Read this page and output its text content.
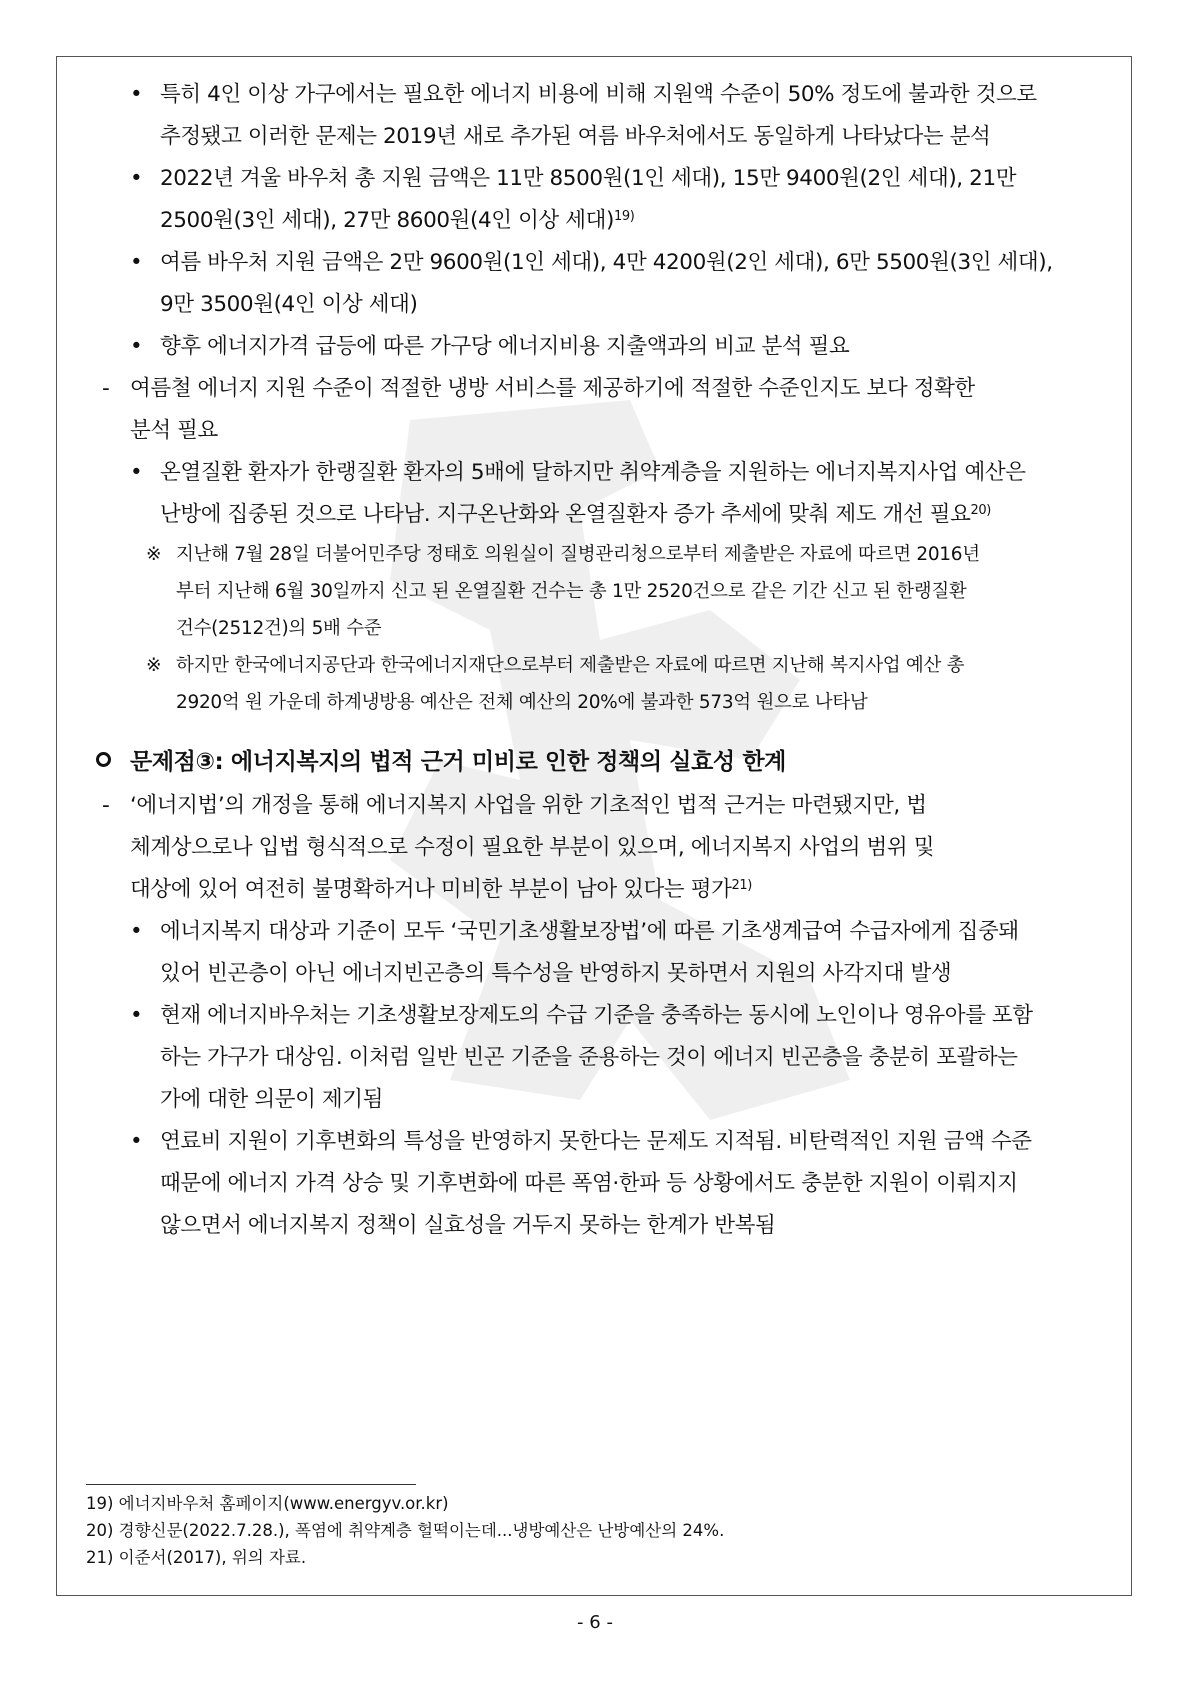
• 특히 4인 이상 가구에서는 필요한 에너지 비용에 비해 지원액 수준이 50% 정도에 불과한 것으로
추정됐고 이러한 문제는 2019년 새로 추가된 여름 바우처에서도 동일하게 나타났다는 분석
• 2022년 겨울 바우처 총 지원 금액은 11만 8500원(1인 세대), 15만 9400원(2인 세대), 21만
2500원(3인 세대), 27만 8600원(4인 이상 세대)$^{19)}$
• 여름 바우처 지원 금액은 2만 9600원(1인 세대), 4만 4200원(2인 세대), 6만 5500원(3인 세대),
9만 3500원(4인 이상 세대)
• 향후 에너지가격 급등에 따른 가구당 에너지비용 지출액과의 비교 분석 필요
- 여름철 에너지 지원 수준이 적절한 냉방 서비스를 제공하기에 적절한 수준인지도 보다 정확한
분석 필요
• 온열질환 환자가 한랭질환 환자의 5배에 달하지만 취약계층을 지원하는 에너지복지사업 예산은
난방에 집중된 것으로 나타남. 지구온난화와 온열질환자 증가 추세에 맞춰 제도 개선 필요$^{20)}$
※ 지난해 7월 28일 더불어민주당 정태호 의원실이 질병관리청으로부터 제출받은 자료에 따르면 2016년
부터 지난해 6월 30일까지 신고 된 온열질환 건수는 총 1만 2520건으로 같은 기간 신고 된 한랭질환
건수(2512건)의 5배 수준
※ 하지만 한국에너지공단과 한국에너지재단으로부터 제출받은 자료에 따르면 지난해 복지사업 예산 총
2920억 원 가운데 하계냉방용 예산은 전체 예산의 20%에 불과한 573억 원으로 나타남
문제점③: 에너지복지의 법적 근거 미비로 인한 정책의 실효성 한계
- ‘에너지법’의 개정을 통해 에너지복지 사업을 위한 기초적인 법적 근거는 마련됐지만, 법
체계상으로나 입법 형식적으로 수정이 필요한 부분이 있으며, 에너지복지 사업의 범위 및
대상에 있어 여전히 불명확하거나 미비한 부분이 남아 있다는 평가$^{21)}$
• 에너지복지 대상과 기준이 모두 ‘국민기초생활보장법’에 따른 기초생계급여 수급자에게 집중돼
있어 빈곤층이 아닌 에너지빈곤층의 특수성을 반영하지 못하면서 지원의 사각지대 발생
• 현재 에너지바우처는 기초생활보장제도의 수급 기준을 충족하는 동시에 노인이나 영유아를 포함
하는 가구가 대상임. 이처럼 일반 빈곤 기준을 준용하는 것이 에너지 빈곤층을 충분히 포괄하는
가에 대한 의문이 제기됨
• 연료비 지원이 기후변화의 특성을 반영하지 못한다는 문제도 지적됨. 비탄력적인 지원 금액 수준
때문에 에너지 가격 상승 및 기후변화에 따른 폭염·한파 등 상황에서도 충분한 지원이 이뤄지지
않으면서 에너지복지 정책이 실효성을 거두지 못하는 한계가 반복됨
19) 에너지바우처 홈페이지(www.energyv.or.kr)
20) 경향신문(2022.7.28.), 폭염에 취약계층 헐떡이는데...냉방예산은 난방예산의 24%.
21) 이준서(2017), 위의 자료.
- 6 -
